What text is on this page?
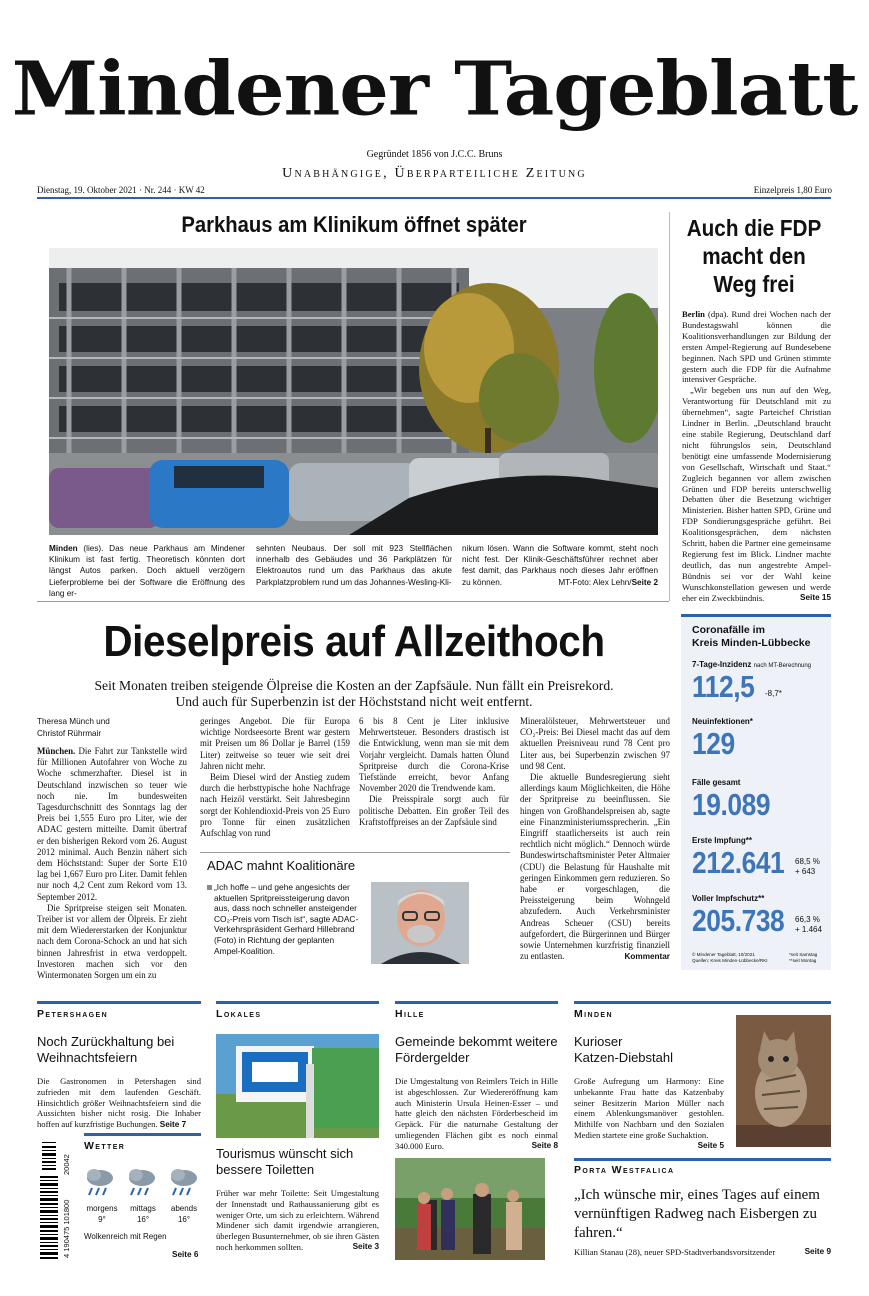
Mindener Tageblatt
Gegründet 1856 von J.C.C. Bruns
Unabhängige, Überparteiliche Zeitung
Dienstag, 19. Oktober 2021 · Nr. 244 · KW 42	Einzelpreis 1,80 Euro
Parkhaus am Klinikum öffnet später
Minden (lies). Das neue Parkhaus am Mindener Klinikum ist fast fertig. Theoretisch könnten dort längst Autos parken. Doch aktuell verzögern Lieferprobleme bei der Software die Eröffnung des lang er-
sehnten Neubaus. Der soll mit 923 Stellflächen innerhalb des Gebäudes und 36 Parkplätzen für Elektroautos rund um das Parkhaus das akute Parkplatzproblem rund um das Johannes-Wesling-Kli-
nikum lösen. Wann die Software kommt, steht noch nicht fest. Der Klinik-Geschäftsführer rechnet aber fest damit, das Parkhaus noch dieses Jahr eröffnen zu können.	MT-Foto: Alex Lehn/Seite 2
Auch die FDP macht den Weg frei

Berlin (dpa). Rund drei Wochen nach der Bundestagswahl können die Koalitionsverhandlungen zur Bildung der ersten Ampel-Regierung auf Bundesebene beginnen. Nach SPD und Grünen stimmte gestern auch die FDP für die Aufnahme intensiver Gespräche.

„Wir begeben uns nun auf den Weg, Verantwortung für Deutschland mit zu übernehmen“, sagte Parteichef Christian Lindner in Berlin. „Deutschland braucht eine stabile Regierung, Deutschland darf nicht führungslos sein, Deutschland benötigt eine umfassende Modernisierung von Gesellschaft, Wirtschaft und Staat.“ Zugleich begannen vor allem zwischen Grünen und FDP bereits unterschwellig Debatten über die Besetzung wichtiger Ministerien. Bisher hatten SPD, Grüne und FDP Sondierungsgespräche geführt. Bei Koalitionsgesprächen, dem nächsten Schritt, haben die Partner eine gemeinsame Regierung fest im Blick. Lindner machte deutlich, das nun angestrebte Ampel-Bündnis sei vor der Wahl keine Wunschkonstellation gewesen und werde eher ein Zweckbündnis.	Seite 15

Dieselpreis auf Allzeithoch
Seit Monaten treiben steigende Ölpreise die Kosten an der Zapfsäule. Nun fällt ein Preisrekord.
Und auch für Superbenzin ist der Höchststand nicht weit entfernt.
Theresa Münch und
Christof Rührmair

München. Die Fahrt zur Tankstelle wird für Millionen Autofahrer von Woche zu Woche schmerzhafter. Diesel ist in Deutschland inzwischen so teuer wie noch nie. Im bundesweiten Tagesdurchschnitt des Sonntags lag der Preis bei 1,555 Euro pro Liter, wie der ADAC gestern mitteilte. Damit übertraf er den bisherigen Rekord vom 26. August 2012 minimal. Auch Benzin nähert sich dem Höchststand: Super der Sorte E10 lag bei 1,667 Euro pro Liter. Damit fehlen nur noch 4,2 Cent zum Rekord vom 13. September 2012.

Die Spritpreise steigen seit Monaten. Treiber ist vor allem der Ölpreis. Er zieht mit dem Wiedererstarken der Konjunktur nach dem Corona-Schock an und hat sich binnen Jahresfrist in etwa verdoppelt. Investoren machen sich vor den Wintermonaten Sorgen um ein zu

geringes Angebot. Die für Europa wichtige Nordseesorte Brent war gestern mit Preisen um 86 Dollar je Barrel (159 Liter) zeitweise so teuer wie seit drei Jahren nicht mehr.

Beim Diesel wird der Anstieg zudem durch die herbsttypische hohe Nachfrage nach Heizöl verstärkt. Seit Jahresbeginn sorgt der Kohlendioxid-Preis von 25 Euro pro Tonne für einen zusätzlichen Aufschlag von rund

6 bis 8 Cent je Liter inklusive Mehrwertsteuer. Besonders drastisch ist die Entwicklung, wenn man sie mit dem Vorjahr vergleicht. Damals hatten Ölund Spritpreise durch die Corona-Krise Tiefstände erreicht, bevor Anfang November 2020 die Trendwende kam.

Die Preisspirale sorgt auch für politische Debatten. Ein großer Teil des Kraftstoffpreises an der Zapfsäule sind

Mineralölsteuer, Mehrwertsteuer und CO₂-Preis: Bei Diesel macht das auf dem aktuellen Preisniveau rund 78 Cent pro Liter aus, bei Superbenzin zwischen 97 und 98 Cent.

Die aktuelle Bundesregierung sieht allerdings kaum Möglichkeiten, die Höhe der Spritpreise zu beeinflussen. Sie hingen von Großhandelspreisen ab, sagte eine Finanzministeriumssprecherin. „Ein Eingriff staatlicherseits ist auch rein rechtlich nicht möglich.“ Dennoch würde Bundeswirtschaftsminister Peter Altmaier (CDU) die Belastung für Haushalte mit geringen Einkommen gern reduzieren. So habe er vorgeschlagen, die Preissteigerung beim Wohngeld abzufedern. Auch Verkehrsminister Andreas Scheuer (CSU) bereits aufgefordert, die Bürgerinnen und Bürger sowie Unternehmen kurzfristig finanziell zu entlasten.	Kommentar

ADAC mahnt Koalitionäre
„Ich hoffe – und gehe angesichts der aktuellen Spritpreissteigerung davon aus, dass noch schneller ansteigender CO₂-Preis vom Tisch ist“, sagte ADAC-Verkehrspräsident Gerhard Hillebrand (Foto) in Richtung der geplanten Ampel-Koalition.
Coronafälle im
Kreis Minden-Lübbecke
7-Tage-Inzidenz nach MT-Berechnung
112,5 -8,7*
Neuinfektionen*
129
Fälle gesamt
19.089
Erste Impfung**
212.641 68,5 %
+ 643
Voller Impfschutz**
205.738 66,3 %
+ 1.464
© Mindener Tageblatt, 10/2021
Quellen: Kreis Minden-Lübbecke/RKI
*seit Samstag
**seit Montag
Petershagen
Noch Zurückhaltung bei Weihnachtsfeiern
Die Gastronomen in Petershagen sind zufrieden mit dem laufenden Geschäft. Hinsichtlich größer Weihnachtsfeiern sind die Aussichten bisher nicht rosig. Die Inhaber hoffen auf kurzfristige Buchungen. Seite 7
4 190475 101800
20042
Wetter
morgens
9°
mittags
16°
abends
16°
Wolkenreich mit Regen
Seite 6
Lokales
Tourismus wünscht sich bessere Toiletten
Früher war mehr Toilette: Seit Umgestaltung der Innenstadt und Rathaussanierung gibt es weniger Orte, um sich zu erleichtern. Während Mindener sich damit irgendwie arrangieren, überlegen Busunternehmer, ob sie ihren Gästen noch herkommen sollten.	Seite 3
Hille
Gemeinde bekommt weitere Fördergelder
Die Umgestaltung von Reimlers Teich in Hille ist abgeschlossen. Zur Wiedereröffnung kam auch Ministerin Ursula Heinen-Esser – und hatte gleich den nächsten Förderbescheid im Gepäck. Für die naturnahe Gestaltung der umliegenden Flächen gibt es noch einmal 340.000 Euro.	Seite 8
Minden
Kurioser
Katzen-Diebstahl
Große Aufregung um Harmony: Eine unbekannte Frau hatte das Katzenbaby seiner Besitzerin Marion Müller nach einem Ablenkungsmanöver gestohlen. Mithilfe von Nachbarn und den Sozialen Medien startete eine große Suchaktion.
Seite 5
Porta Westfalica
„Ich wünsche mir, eines Tages auf einem vernünftigen Radweg nach Eisbergen zu fahren.“
Killian Stanau (28), neuer SPD-Stadtverbandsvorsitzender	Seite 9
